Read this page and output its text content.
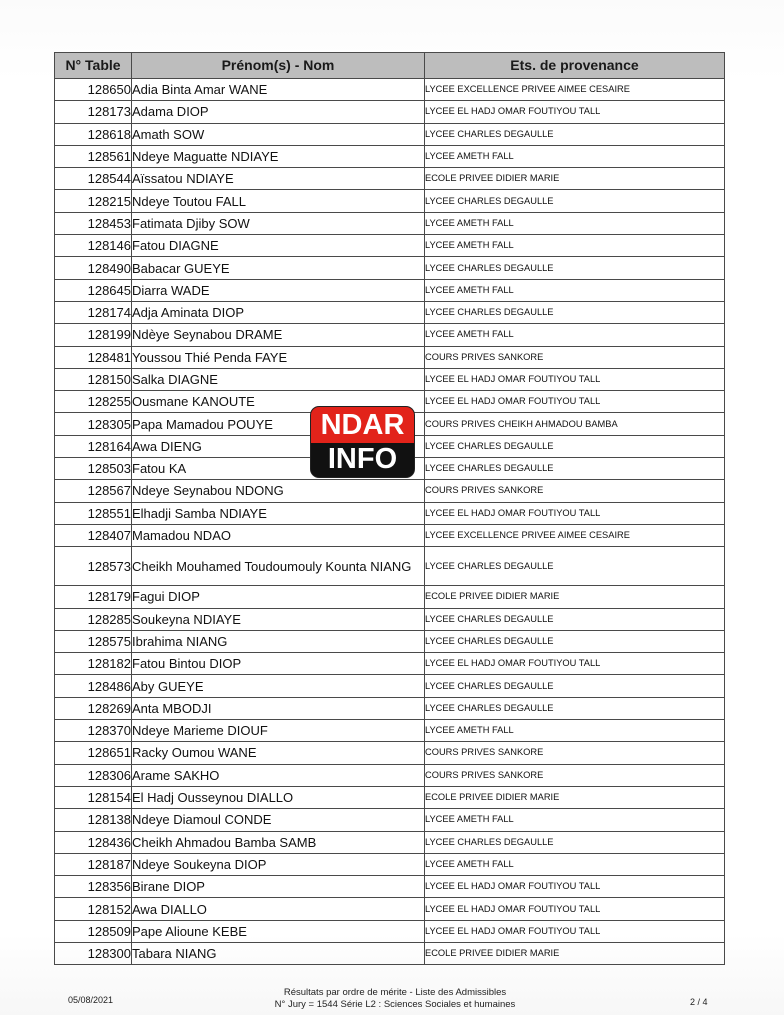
N° Table	Prénom(s) - Nom	Ets. de provenance
128650	Adia Binta Amar WANE	LYCEE EXCELLENCE PRIVEE AIMEE CESAIRE
128173	Adama DIOP	LYCEE EL HADJ OMAR FOUTIYOU TALL
128618	Amath SOW	LYCEE CHARLES DEGAULLE
128561	Ndeye Maguatte NDIAYE	LYCEE AMETH FALL
128544	Aïssatou NDIAYE	ECOLE PRIVEE DIDIER MARIE
128215	Ndeye Toutou FALL	LYCEE CHARLES DEGAULLE
128453	Fatimata Djiby SOW	LYCEE AMETH FALL
128146	Fatou DIAGNE	LYCEE AMETH FALL
128490	Babacar GUEYE	LYCEE CHARLES DEGAULLE
128645	Diarra WADE	LYCEE AMETH FALL
128174	Adja Aminata DIOP	LYCEE CHARLES DEGAULLE
128199	Ndèye Seynabou DRAME	LYCEE AMETH FALL
128481	Youssou Thié Penda FAYE	COURS PRIVES SANKORE
128150	Salka DIAGNE	LYCEE EL HADJ OMAR FOUTIYOU TALL
128255	Ousmane KANOUTE	LYCEE EL HADJ OMAR FOUTIYOU TALL
128305	Papa Mamadou POUYE	COURS PRIVES CHEIKH AHMADOU BAMBA
128164	Awa DIENG	LYCEE CHARLES DEGAULLE
128503	Fatou KA	LYCEE CHARLES DEGAULLE
128567	Ndeye Seynabou NDONG	COURS PRIVES SANKORE
128551	Elhadji Samba NDIAYE	LYCEE EL HADJ OMAR FOUTIYOU TALL
128407	Mamadou NDAO	LYCEE EXCELLENCE PRIVEE AIMEE CESAIRE
128573	Cheikh Mouhamed Toudoumouly Kounta NIANG	LYCEE CHARLES DEGAULLE
128179	Fagui DIOP	ECOLE PRIVEE DIDIER MARIE
128285	Soukeyna NDIAYE	LYCEE CHARLES DEGAULLE
128575	Ibrahima NIANG	LYCEE CHARLES DEGAULLE
128182	Fatou Bintou DIOP	LYCEE EL HADJ OMAR FOUTIYOU TALL
128486	Aby GUEYE	LYCEE CHARLES DEGAULLE
128269	Anta MBODJI	LYCEE CHARLES DEGAULLE
128370	Ndeye Marieme DIOUF	LYCEE AMETH FALL
128651	Racky Oumou WANE	COURS PRIVES SANKORE
128306	Arame SAKHO	COURS PRIVES SANKORE
128154	El Hadj Ousseynou DIALLO	ECOLE PRIVEE DIDIER MARIE
128138	Ndeye Diamoul CONDE	LYCEE AMETH FALL
128436	Cheikh Ahmadou Bamba SAMB	LYCEE CHARLES DEGAULLE
128187	Ndeye Soukeyna DIOP	LYCEE AMETH FALL
128356	Birane DIOP	LYCEE EL HADJ OMAR FOUTIYOU TALL
128152	Awa DIALLO	LYCEE EL HADJ OMAR FOUTIYOU TALL
128509	Pape Alioune KEBE	LYCEE EL HADJ OMAR FOUTIYOU TALL
128300	Tabara NIANG	ECOLE PRIVEE DIDIER MARIE
NDAR
INFO
05/08/2021
Résultats par ordre de mérite - Liste des Admissibles
N° Jury = 1544 Série L2 : Sciences Sociales et humaines	2 / 4
